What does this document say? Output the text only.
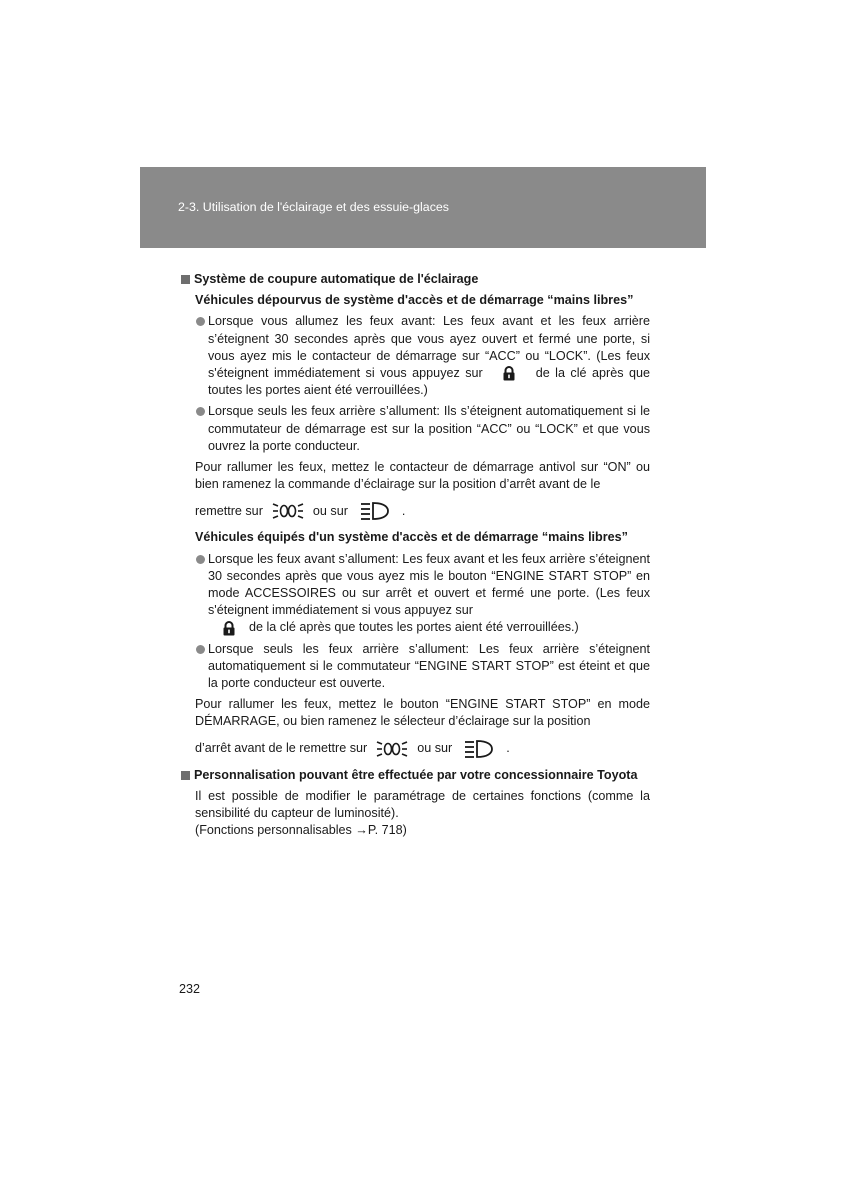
2-3. Utilisation de l'éclairage et des essuie-glaces
Système de coupure automatique de l'éclairage
Véhicules dépourvus de système d'accès et de démarrage “mains libres”
Lorsque vous allumez les feux avant: Les feux avant et les feux arrière s’éteignent 30 secondes après que vous ayez ouvert et fermé une porte, si vous ayez mis le contacteur de démarrage sur “ACC” ou “LOCK”. (Les feux s'éteignent immédiatement si vous appuyez sur	de la clé après que toutes les portes aient été verrouillées.)
Lorsque seuls les feux arrière s’allument: Ils s’éteignent automatiquement si le commutateur de démarrage est sur la position “ACC” ou “LOCK” et que vous ouvrez la porte conducteur.
Pour rallumer les feux, mettez le contacteur de démarrage antivol sur “ON” ou bien ramenez la commande d’éclairage sur la position d’arrêt avant de le
remettre sur	ou sur	.
Véhicules équipés d'un système d'accès et de démarrage “mains libres”
Lorsque les feux avant s’allument: Les feux avant et les feux arrière s’éteignent 30 secondes après que vous ayez mis le bouton “ENGINE START STOP” en mode ACCESSOIRES ou sur arrêt et ouvert et fermé une porte. (Les feux s'éteignent immédiatement si vous appuyez sur
de la clé après que toutes les portes aient été verrouillées.)
Lorsque seuls les feux arrière s’allument: Les feux arrière s’éteignent automatiquement si le commutateur “ENGINE START STOP” est éteint et que la porte conducteur est ouverte.
Pour rallumer les feux, mettez le bouton “ENGINE START STOP” en mode DÉMARRAGE, ou bien ramenez le sélecteur d’éclairage sur la position
d’arrêt avant de le remettre sur	ou sur	.
Personnalisation pouvant être effectuée par votre concessionnaire Toyota
Il est possible de modifier le paramétrage de certaines fonctions (comme la sensibilité du capteur de luminosité).
(Fonctions personnalisables →P. 718)
232
